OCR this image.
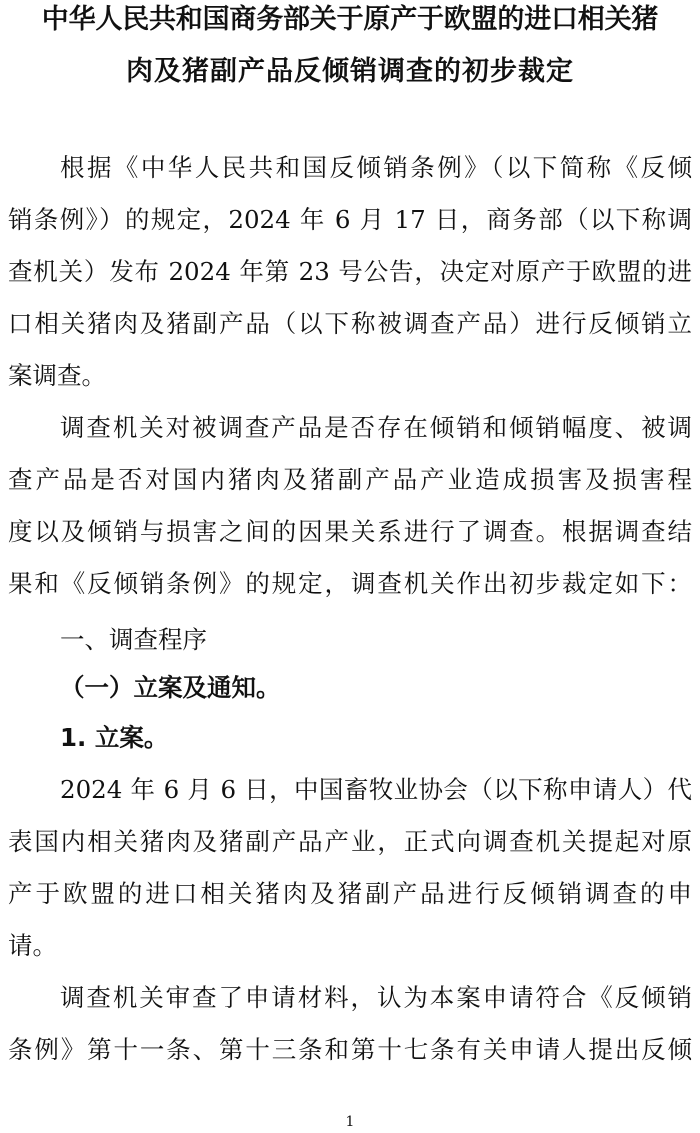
中华人民共和国商务部关于原产于欧盟的进口相关猪
肉及猪副产品反倾销调查的初步裁定
根据《中华人民共和国反倾销条例》（以下简称《反倾
销条例》）的规定，2024 年 6 月 17 日，商务部（以下称调
查机关）发布 2024 年第 23 号公告，决定对原产于欧盟的进
口相关猪肉及猪副产品（以下称被调查产品）进行反倾销立
案调查。
调查机关对被调查产品是否存在倾销和倾销幅度、被调
查产品是否对国内猪肉及猪副产品产业造成损害及损害程
度以及倾销与损害之间的因果关系进行了调查。根据调查结
果和《反倾销条例》的规定，调查机关作出初步裁定如下：
一、调查程序
（一）立案及通知。
1. 立案。
2024 年 6 月 6 日，中国畜牧业协会（以下称申请人）代
表国内相关猪肉及猪副产品产业，正式向调查机关提起对原
产于欧盟的进口相关猪肉及猪副产品进行反倾销调查的申
请。
调查机关审查了申请材料，认为本案申请符合《反倾销
条例》第十一条、第十三条和第十七条有关申请人提出反倾
1
